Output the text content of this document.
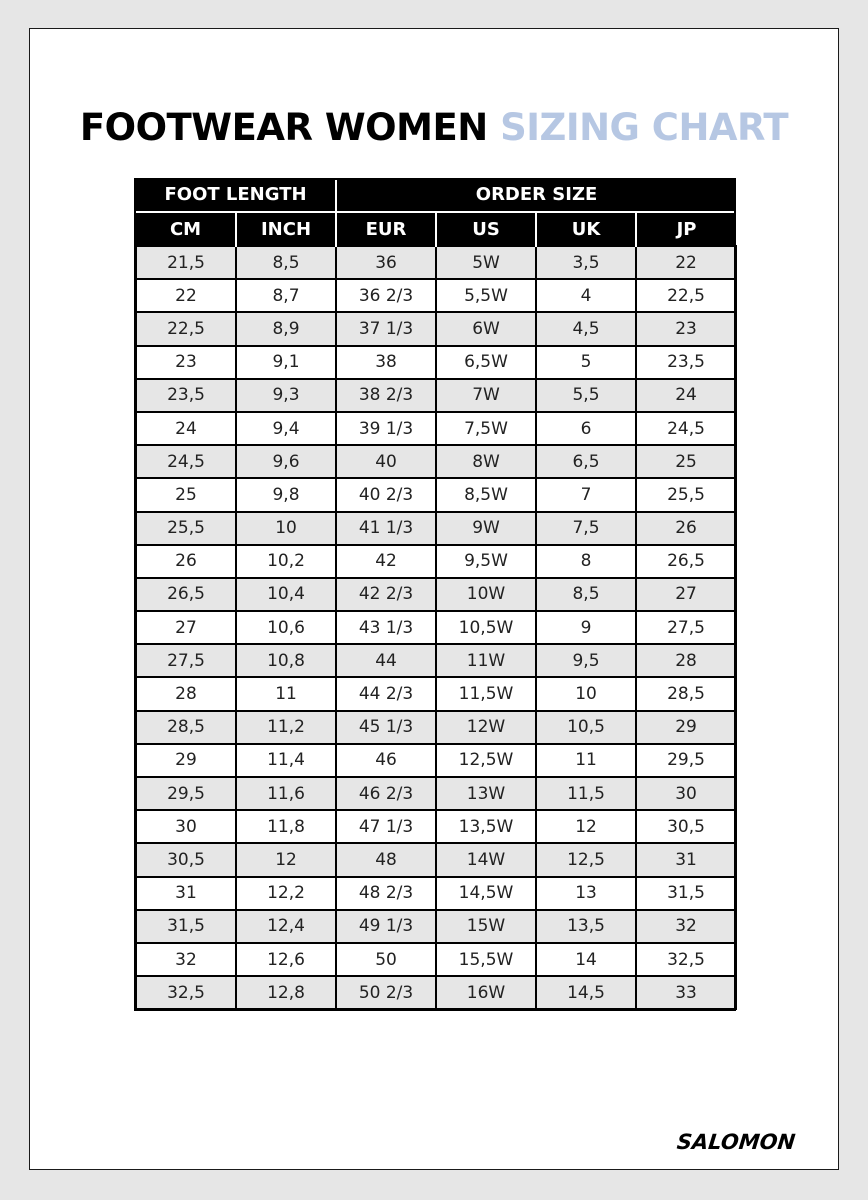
FOOTWEAR WOMEN SIZING CHART
FOOT LENGTH		ORDER SIZE			
CM	INCH	EUR	US	UK	JP
21,5	8,5	36	5W	3,5	22
22	8,7	36 2/3	5,5W	4	22,5
22,5	8,9	37 1/3	6W	4,5	23
23	9,1	38	6,5W	5	23,5
23,5	9,3	38 2/3	7W	5,5	24
24	9,4	39 1/3	7,5W	6	24,5
24,5	9,6	40	8W	6,5	25
25	9,8	40 2/3	8,5W	7	25,5
25,5	10	41 1/3	9W	7,5	26
26	10,2	42	9,5W	8	26,5
26,5	10,4	42 2/3	10W	8,5	27
27	10,6	43 1/3	10,5W	9	27,5
27,5	10,8	44	11W	9,5	28
28	11	44 2/3	11,5W	10	28,5
28,5	11,2	45 1/3	12W	10,5	29
29	11,4	46	12,5W	11	29,5
29,5	11,6	46 2/3	13W	11,5	30
30	11,8	47 1/3	13,5W	12	30,5
30,5	12	48	14W	12,5	31
31	12,2	48 2/3	14,5W	13	31,5
31,5	12,4	49 1/3	15W	13,5	32
32	12,6	50	15,5W	14	32,5
32,5	12,8	50 2/3	16W	14,5	33
SALOMON
